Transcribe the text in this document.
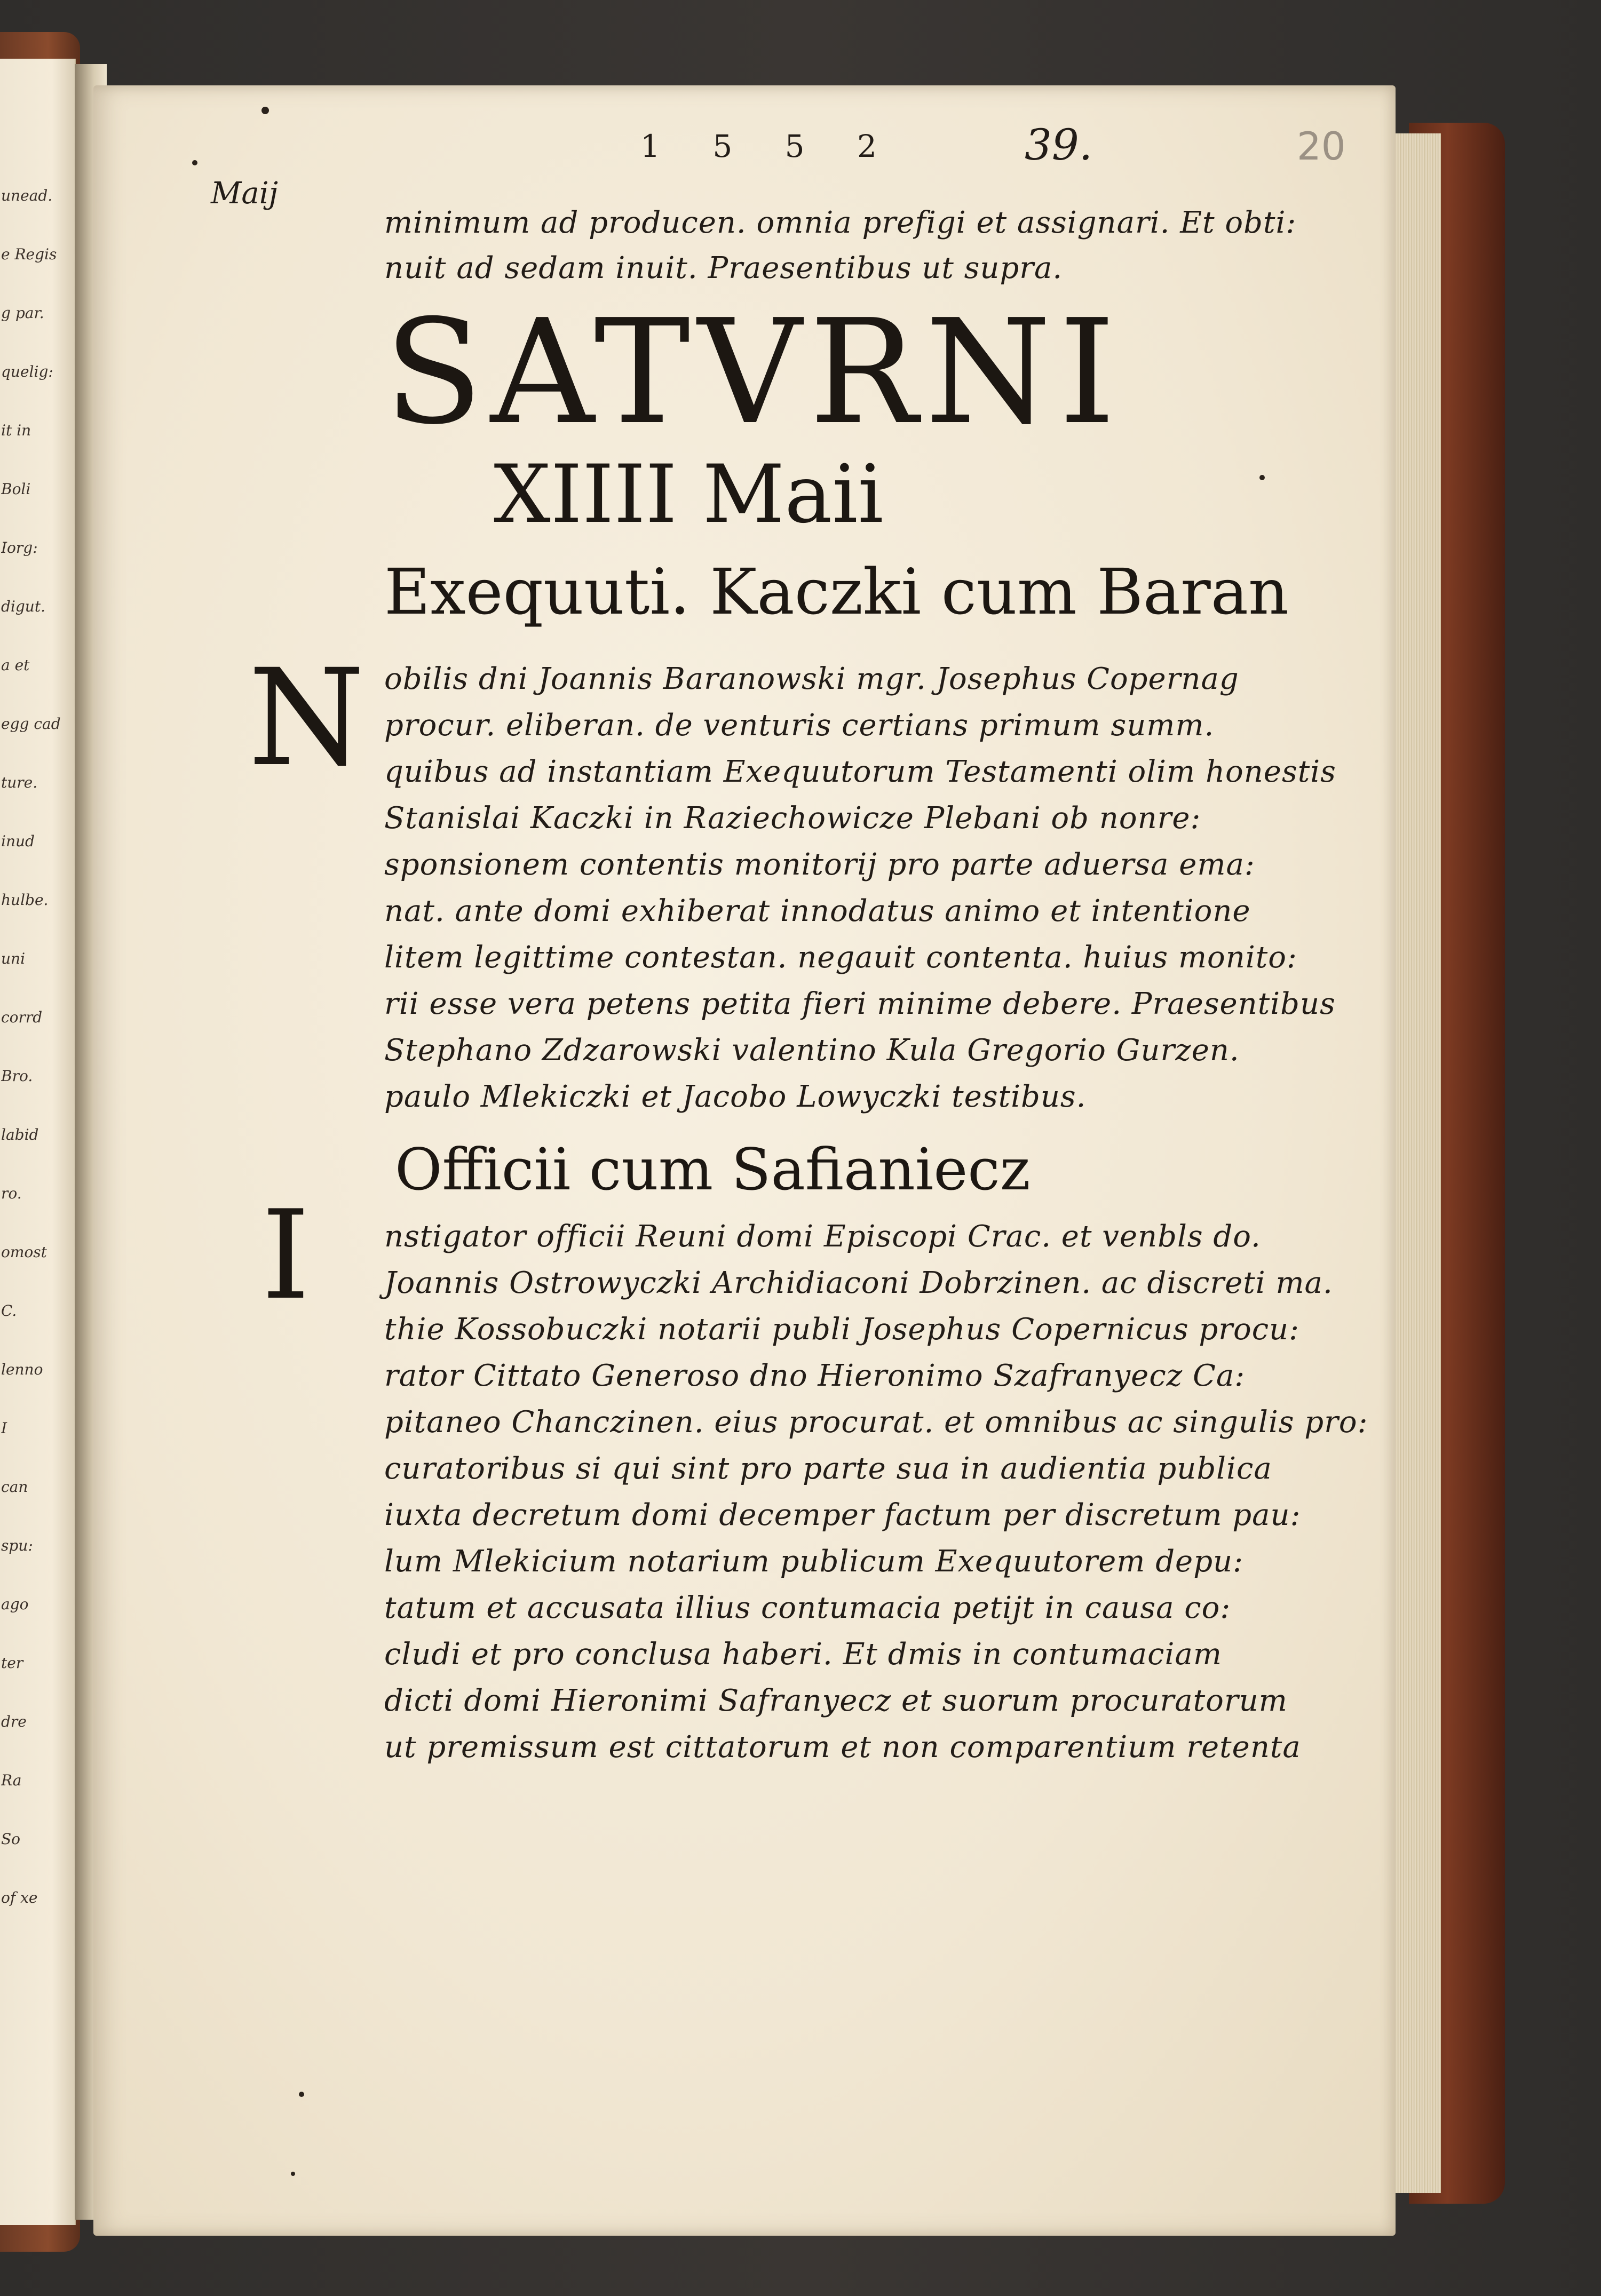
unead.
e Regis
g par.
quelig:
it in
Boli
Iorg:
digut.
a et
egg cad
ture.
inud
hulbe.
uni
corrd
Bro.
labid
ro.
omost
C.
lenno
I
can
spu:
ago
ter
dre
Ra
So
of xe
1 5 5 2	39.	20
Maij
minimum ad producen. omnia prefigi et assignari. Et obti:
nuit ad sedam inuit. Praesentibus ut supra.
SATVRNI
XIIII Maii
Exequuti. Kaczki cum Baran
N obilis dni Joannis Baranowski mgr. Josephus Copernag
procur. eliberan. de venturis certians primum summ.
quibus ad instantiam Exequutorum Testamenti olim honestis
Stanislai Kaczki in Raziechowicze Plebani ob nonre:
sponsionem contentis monitorij pro parte aduersa ema:
nat. ante domi exhiberat innodatus animo et intentione
litem legittime contestan. negauit contenta. huius monito:
rii esse vera petens petita fieri minime debere. Praesentibus
Stephano Zdzarowski valentino Kula Gregorio Gurzen.
paulo Mlekiczki et Jacobo Lowyczki testibus.
Officii cum Safianiecz
I nstigator officii Reuni domi Episcopi Crac. et venbls do.
Joannis Ostrowyczki Archidiaconi Dobrzinen. ac discreti ma.
thie Kossobuczki notarii publi Josephus Copernicus procu:
rator Cittato Generoso dno Hieronimo Szafranyecz Ca:
pitaneo Chanczinen. eius procurat. et omnibus ac singulis pro:
curatoribus si qui sint pro parte sua in audientia publica
iuxta decretum domi decemper factum per discretum pau:
lum Mlekicium notarium publicum Exequutorem depu:
tatum et accusata illius contumacia petijt in causa co:
cludi et pro conclusa haberi. Et dmis in contumaciam
dicti domi Hieronimi Safranyecz et suorum procuratorum
ut premissum est cittatorum et non comparentium retenta
